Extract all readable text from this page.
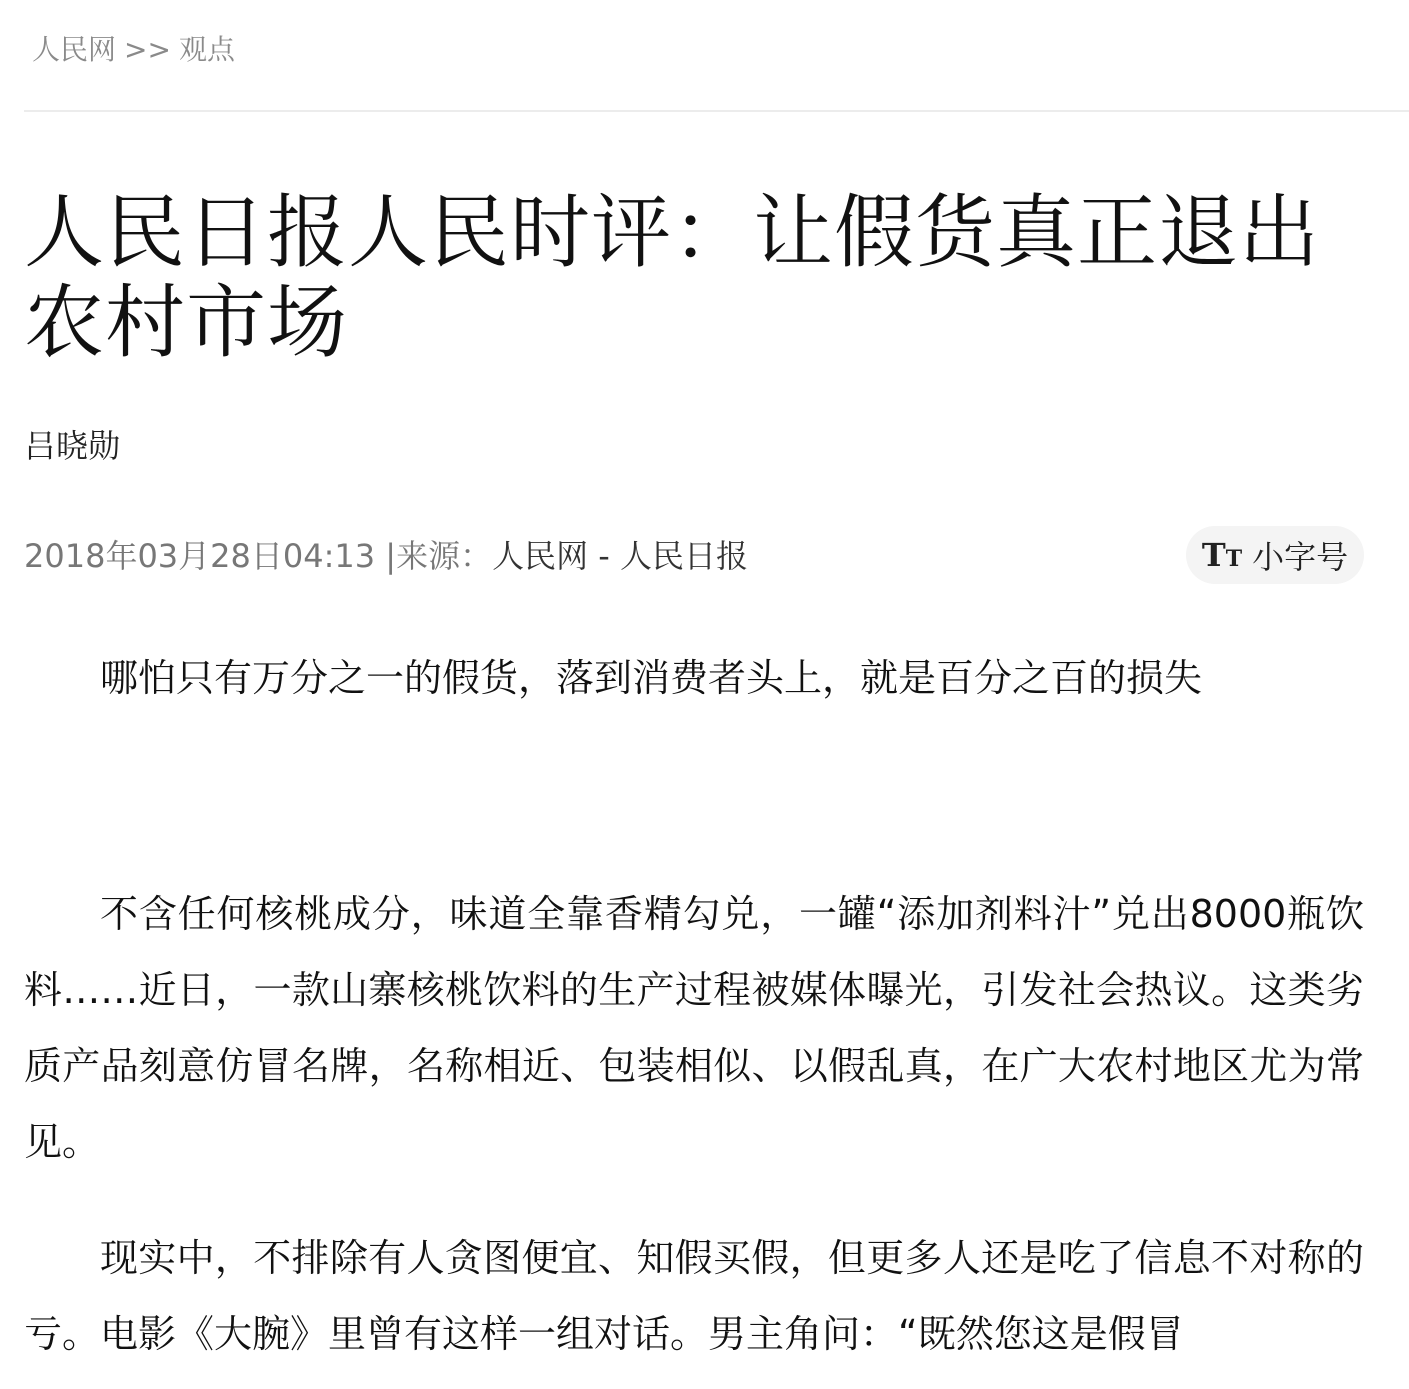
人民网 >> 观点
人民日报人民时评：让假货真正退出农村市场
吕晓勋
2018年03月28日04:13 |来源：人民网 - 人民日报	T T 小字号

哪怕只有万分之一的假货，落到消费者头上，就是百分之百的损失

不含任何核桃成分，味道全靠香精勾兑，一罐“添加剂料汁”兑出8000瓶饮料……近日，一款山寨核桃饮料的生产过程被媒体曝光，引发社会热议。这类劣质产品刻意仿冒名牌，名称相近、包装相似、以假乱真，在广大农村地区尤为常见。

现实中，不排除有人贪图便宜、知假买假，但更多人还是吃了信息不对称的亏。电影《大腕》里曾有这样一组对话。男主角问：“既然您这是假冒
